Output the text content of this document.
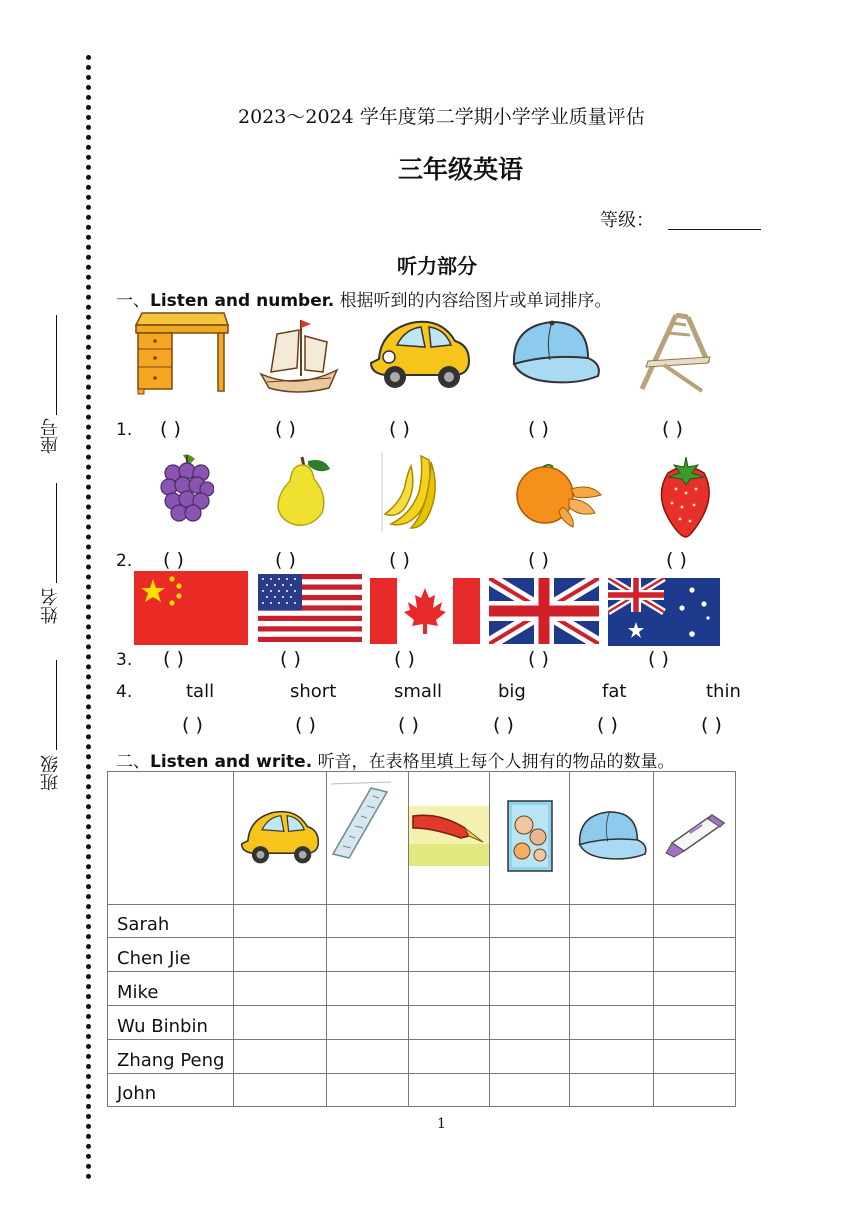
座号
姓名
班级
2023～2024 学年度第二学期小学学业质量评估
三年级英语
等级：
听力部分
一、Listen and number. 根据听到的内容给图片或单词排序。
1. ( )	( )	( )	( )	( )
2. ( )	( )	( )	( )	( )
3. ( )	( )	( )	( )	( )
4.	tall	short	small	big	fat	thin
( )	( )	( )	( )	( )	( )
二、Listen and write. 听音，在表格里填上每个人拥有的物品的数量。

Sarah						
Chen Jie						
Mike						
Wu Binbin						
Zhang Peng						
John						
1
